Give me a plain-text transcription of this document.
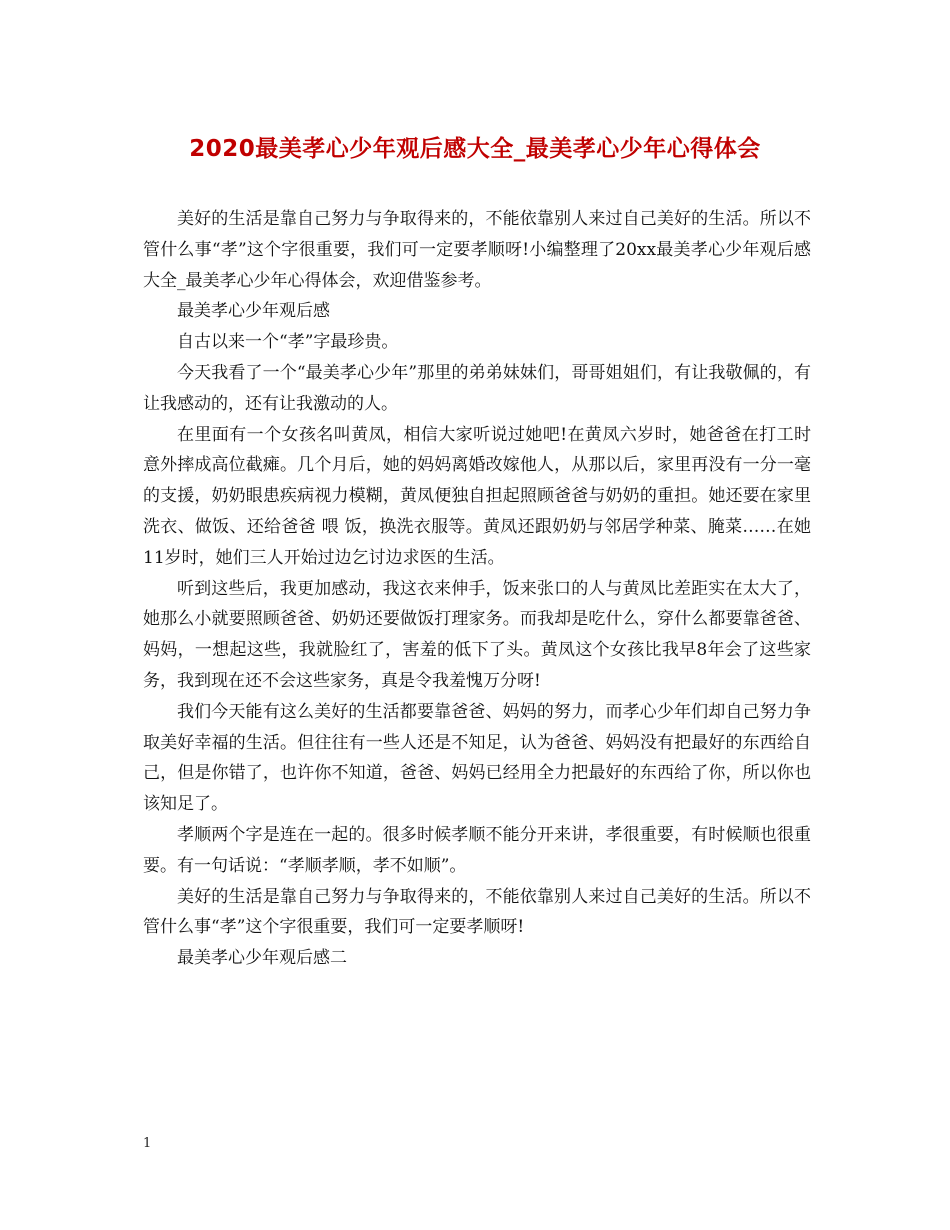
2020最美孝心少年观后感大全_最美孝心少年心得体会

美好的生活是靠自己努力与争取得来的，不能依靠别人来过自己美好的生活。所以不管什么事“孝”这个字很重要，我们可一定要孝顺呀!小编整理了20xx最美孝心少年观后感大全_最美孝心少年心得体会，欢迎借鉴参考。

最美孝心少年观后感

自古以来一个“孝”字最珍贵。

今天我看了一个“最美孝心少年”那里的弟弟妹妹们，哥哥姐姐们，有让我敬佩的，有让我感动的，还有让我激动的人。

在里面有一个女孩名叫黄凤，相信大家听说过她吧!在黄凤六岁时，她爸爸在打工时意外摔成高位截瘫。几个月后，她的妈妈离婚改嫁他人，从那以后，家里再没有一分一毫的支援，奶奶眼患疾病视力模糊，黄凤便独自担起照顾爸爸与奶奶的重担。她还要在家里洗衣、做饭、还给爸爸 喂 饭，换洗衣服等。黄凤还跟奶奶与邻居学种菜、腌菜……在她11岁时，她们三人开始过边乞讨边求医的生活。

听到这些后，我更加感动，我这衣来伸手，饭来张口的人与黄凤比差距实在太大了，她那么小就要照顾爸爸、奶奶还要做饭打理家务。而我却是吃什么，穿什么都要靠爸爸、妈妈，一想起这些，我就脸红了，害羞的低下了头。黄凤这个女孩比我早8年会了这些家务，我到现在还不会这些家务，真是令我羞愧万分呀!

我们今天能有这么美好的生活都要靠爸爸、妈妈的努力，而孝心少年们却自己努力争取美好幸福的生活。但往往有一些人还是不知足，认为爸爸、妈妈没有把最好的东西给自己，但是你错了，也许你不知道，爸爸、妈妈已经用全力把最好的东西给了你，所以你也该知足了。

孝顺两个字是连在一起的。很多时候孝顺不能分开来讲，孝很重要，有时候顺也很重要。有一句话说：“孝顺孝顺，孝不如顺”。

美好的生活是靠自己努力与争取得来的，不能依靠别人来过自己美好的生活。所以不管什么事“孝”这个字很重要，我们可一定要孝顺呀!

最美孝心少年观后感二

1
